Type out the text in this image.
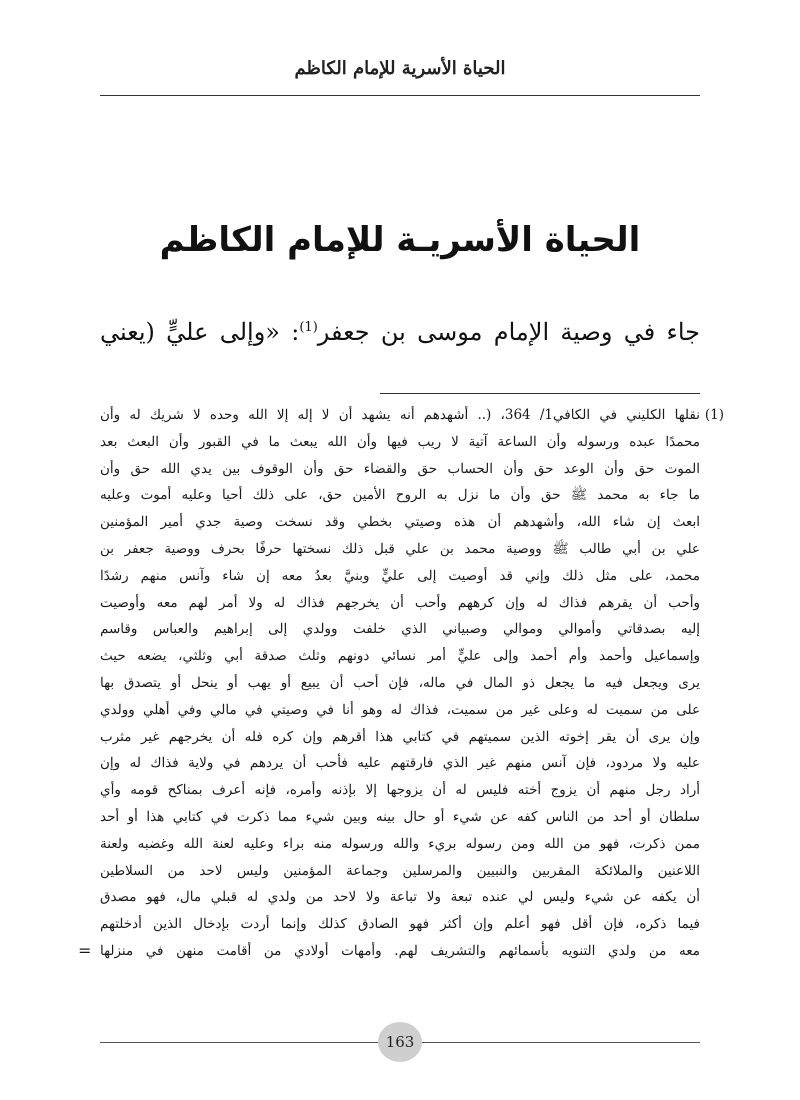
الحياة الأسرية للإمام الكاظم
الحياة الأسريـة للإمام الكاظم
جاء في وصية الإمام موسى بن جعفر$^{(1)}$: «وإلى عليٍّ (يعني
(1)
نقلها الكليني في الكافي1/ 364، (.. أشهدهم أنه يشهد أن لا إله إلا الله وحده لا شريك له وأن
محمدًا عبده ورسوله وأن الساعة آتية لا ريب فيها وأن الله يبعث ما في القبور وأن البعث بعد
الموت حق وأن الوعد حق وأن الحساب حق والقضاء حق وأن الوقوف بين يدي الله حق وأن
ما جاء به محمد ﷺ حق وأن ما نزل به الروح الأمين حق، على ذلك أحيا وعليه أموت وعليه
ابعث إن شاء الله، وأشهدهم أن هذه وصيتي بخطي وقد نسخت وصية جدي أمير المؤمنين
علي بن أبي طالب ﷺ ووصية محمد بن علي قبل ذلك نسختها حرفًا بحرف ووصية جعفر بن
محمد، على مثل ذلك وإني قد أوصيت إلى عليٍّ وبنيَّ بعدُ معه إن شاء وآنس منهم رشدًا
وأحب أن يقرهم فذاك له وإن كرههم وأحب أن يخرجهم فذاك له ولا أمر لهم معه وأوصيت
إليه بصدقاتي وأموالي وموالي وصبياني الذي خلفت وولدي إلى إبراهيم والعباس وقاسم
وإسماعيل وأحمد وأم أحمد وإلى عليٍّ أمر نسائي دونهم وثلث صدقة أبي وثلثي، يضعه حيث
يرى ويجعل فيه ما يجعل ذو المال في ماله، فإن أحب أن يبيع أو يهب أو ينحل أو يتصدق بها
على من سميت له وعلى غير من سميت، فذاك له وهو أنا في وصيتي في مالي وفي أهلي وولدي
وإن يرى أن يقر إخوته الذين سميتهم في كتابي هذا أقرهم وإن كره فله أن يخرجهم غير مثرب
عليه ولا مردود، فإن آنس منهم غير الذي فارقتهم عليه فأحب أن يردهم في ولاية فذاك له وإن
أراد رجل منهم أن يزوج أخته فليس له أن يزوجها إلا بإذنه وأمره، فإنه أعرف بمناكح قومه وأي
سلطان أو أحد من الناس كفه عن شيء أو حال بينه وبين شيء مما ذكرت في كتابي هذا أو أحد
ممن ذكرت، فهو من الله ومن رسوله بريء والله ورسوله منه براء وعليه لعنة الله وغضبه ولعنة
اللاعنين والملائكة المقربين والنبيين والمرسلين وجماعة المؤمنين وليس لاحد من السلاطين
أن يكفه عن شيء وليس لي عنده تبعة ولا تباعة ولا لاحد من ولدي له قبلي مال، فهو مصدق
فيما ذكره، فإن أقل فهو أعلم وإن أكثر فهو الصادق كذلك وإنما أردت بإدخال الذين أدخلتهم
معه من ولدي التنويه بأسمائهم والتشريف لهم. وأمهات أولادي من أقامت منهن في منزلها
=
163
